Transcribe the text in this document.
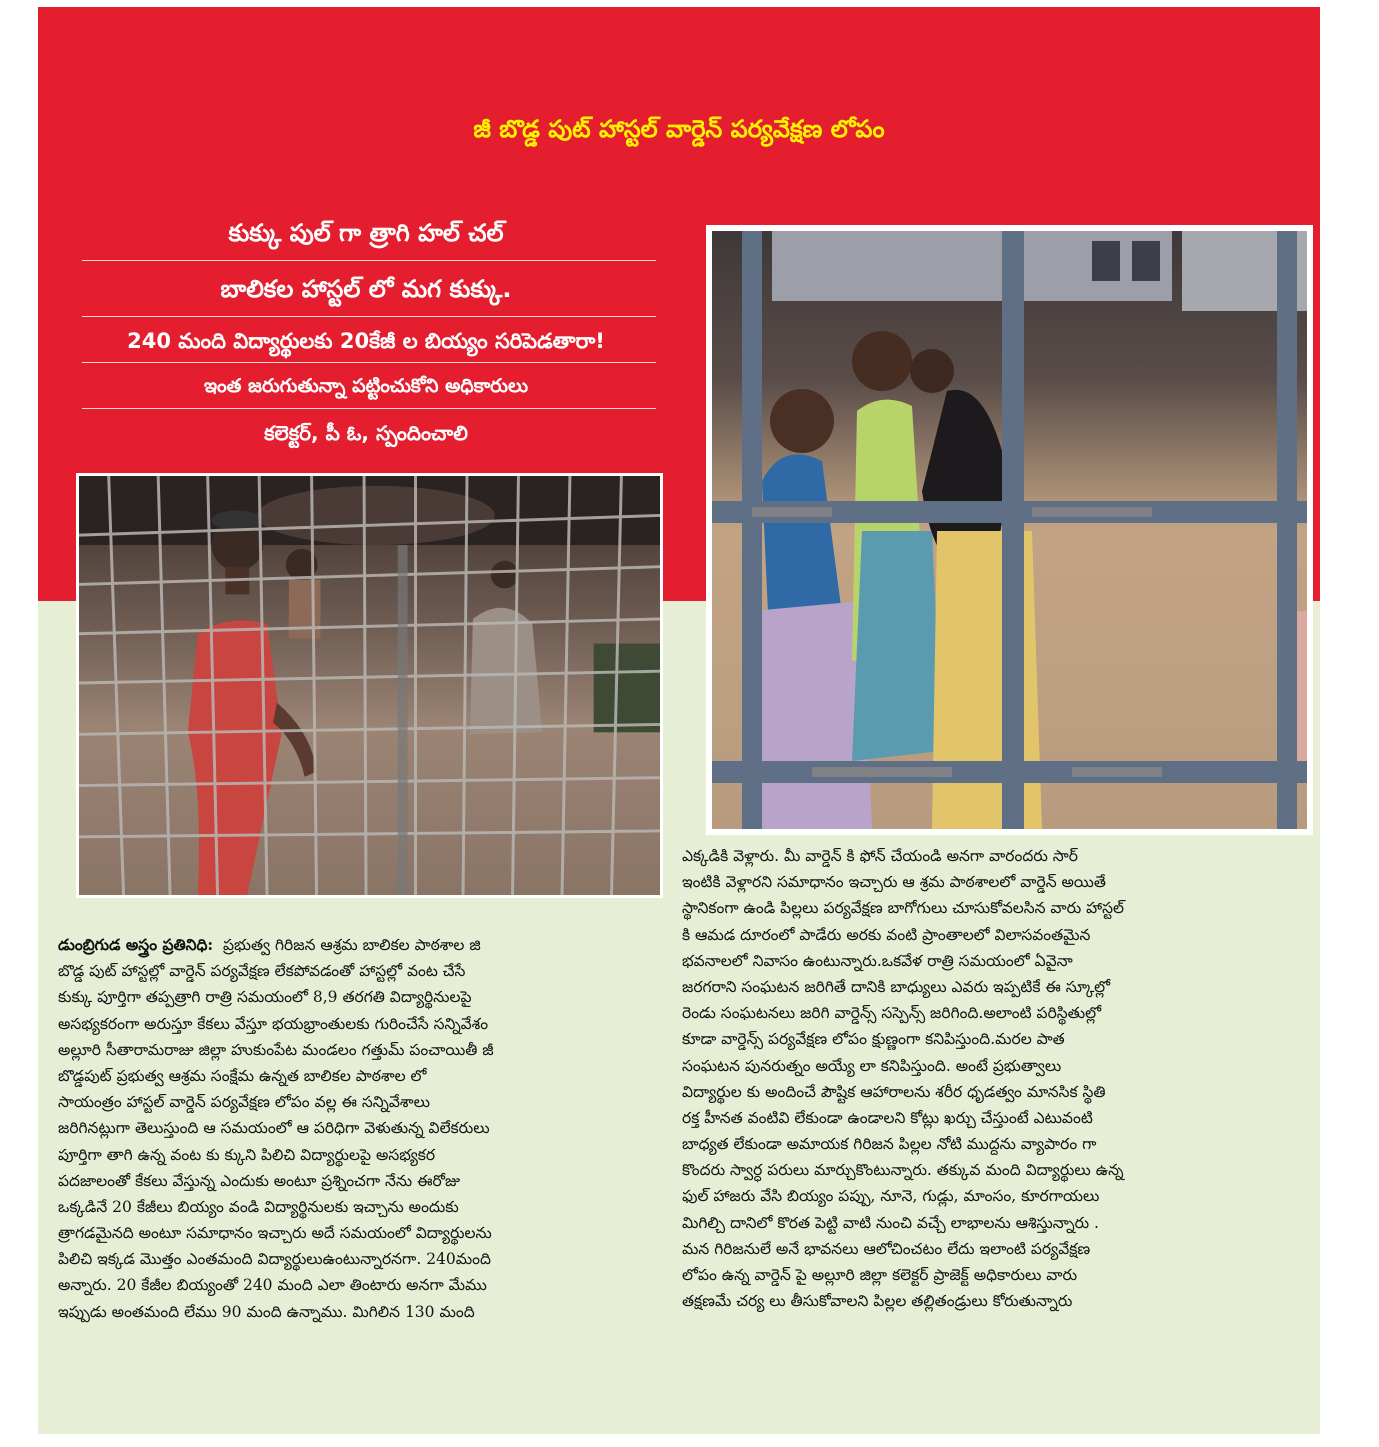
జీ బొడ్డ పుట్ హాస్టల్ వార్డెన్ పర్యవేక్షణ లోపం

కుక్కు పుల్ గా త్రాగి హల్ చల్

బాలికల హాస్టల్ లో మగ కుక్కు.

240 మంది విద్యార్థులకు 20కేజీ ల బియ్యం సరిపెడతారా!

ఇంత జరుగుతున్నా పట్టించుకోని అధికారులు

కలెక్టర్, పీ ఓ, స్పందించాలి

డుంబ్రిగుడ అస్త్రం ప్రతినిధి: ప్రభుత్వ గిరిజన ఆశ్రమ బాలికల పాఠశాల జి
బొడ్డ పుట్ హాస్టల్లో వార్డెన్ పర్యవేక్షణ లేకపోవడంతో హాస్టల్లో వంట చేసే
కుక్కు పూర్తిగా తప్పత్రాగి రాత్రి సమయంలో 8,9 తరగతి విద్యార్థినులపై
అసభ్యకరంగా అరుస్తూ కేకలు వేస్తూ భయభ్రాంతులకు గురించేసే సన్నివేశం
అల్లూరి సీతారామరాజు జిల్లా హుకుంపేట మండలం గత్తుమ్ పంచాయితీ జీ
బొడ్డపుట్ ప్రభుత్వ ఆశ్రమ సంక్షేమ ఉన్నత బాలికల పాఠశాల లో
సాయంత్రం హాస్టల్ వార్డెన్ పర్యవేక్షణ లోపం వల్ల ఈ సన్నివేశాలు
జరిగినట్లుగా తెలుస్తుంది ఆ సమయంలో ఆ పరిధిగా వెళుతున్న విలేకరులు
పూర్తిగా తాగి ఉన్న వంట కు క్కుని పిలిచి విద్యార్థులపై అసభ్యకర
పదజాలంతో కేకలు వేస్తున్న ఎందుకు అంటూ ప్రశ్నించగా నేను ఈరోజు
ఒక్కడినే 20 కేజీలు బియ్యం వండి విద్యార్థినులకు ఇచ్చాను అందుకు
త్రాగడమైనది అంటూ సమాధానం ఇచ్చారు అదే సమయంలో విద్యార్థులను
పిలిచి ఇక్కడ మొత్తం ఎంతమంది విద్యార్థులుఉంటున్నారనగా. 240మంది
అన్నారు. 20 కేజీల బియ్యంతో 240 మంది ఎలా తింటారు అనగా మేము
ఇప్పుడు అంతమంది లేము 90 మంది ఉన్నాము. మిగిలిన 130 మంది
ఎక్కడికి వెళ్లారు. మీ వార్డెన్ కి ఫోన్ చేయండి అనగా వారందరు సార్
ఇంటికి వెళ్లారని సమాధానం ఇచ్చారు ఆ శ్రమ పాఠశాలలో వార్డెన్ అయితే
స్థానికంగా ఉండి పిల్లలు పర్యవేక్షణ బాగోగులు చూసుకోవలసిన వారు హాస్టల్
కి ఆమడ దూరంలో పాడేరు అరకు వంటి ప్రాంతాలలో విలాసవంతమైన
భవనాలలో నివాసం ఉంటున్నారు.ఒకవేళ రాత్రి సమయంలో ఏవైనా
జరగరాని సంఘటన జరిగితే దానికి బాధ్యులు ఎవరు ఇప్పటికే ఈ స్కూల్లో
రెండు సంఘటనలు జరిగి వార్డెన్స్ సస్పెన్స్ జరిగింది.అలాంటి పరిస్థితుల్లో
కూడా వార్డెన్స్ పర్యవేక్షణ లోపం క్షుణ్ణంగా కనిపిస్తుంది.మరల పాత
సంఘటన పునరుత్నం అయ్యే లా కనిపిస్తుంది. అంటే ప్రభుత్వాలు
విద్యార్థుల కు అందించే పౌష్టిక ఆహారాలను శరీర ధృడత్వం మానసిక స్థితి
రక్త హీనత వంటివి లేకుండా ఉండాలని కోట్లు ఖర్చు చేస్తుంటే ఎటువంటి
బాధ్యత లేకుండా అమాయక గిరిజన పిల్లల నోటి ముద్దను వ్యాపారం గా
కొందరు స్వార్ధ పరులు మార్చుకొంటున్నారు. తక్కువ మంది విద్యార్థులు ఉన్న
ఫుల్ హాజరు వేసి బియ్యం పప్పు, నూనె, గుడ్లు, మాంసం, కూరగాయలు
మిగిల్చి దానిలో కొరత పెట్టి వాటి నుంచి వచ్చే లాభాలను ఆశిస్తున్నారు .
మన గిరిజనులే అనే భావనలు ఆలోచించటం లేదు ఇలాంటి పర్యవేక్షణ
లోపం ఉన్న వార్డెన్ పై అల్లూరి జిల్లా కలెక్టర్ ప్రాజెక్ట్ అధికారులు వారు
తక్షణమే చర్య లు తీసుకోవాలని పిల్లల తల్లితండ్రులు కోరుతున్నారు
